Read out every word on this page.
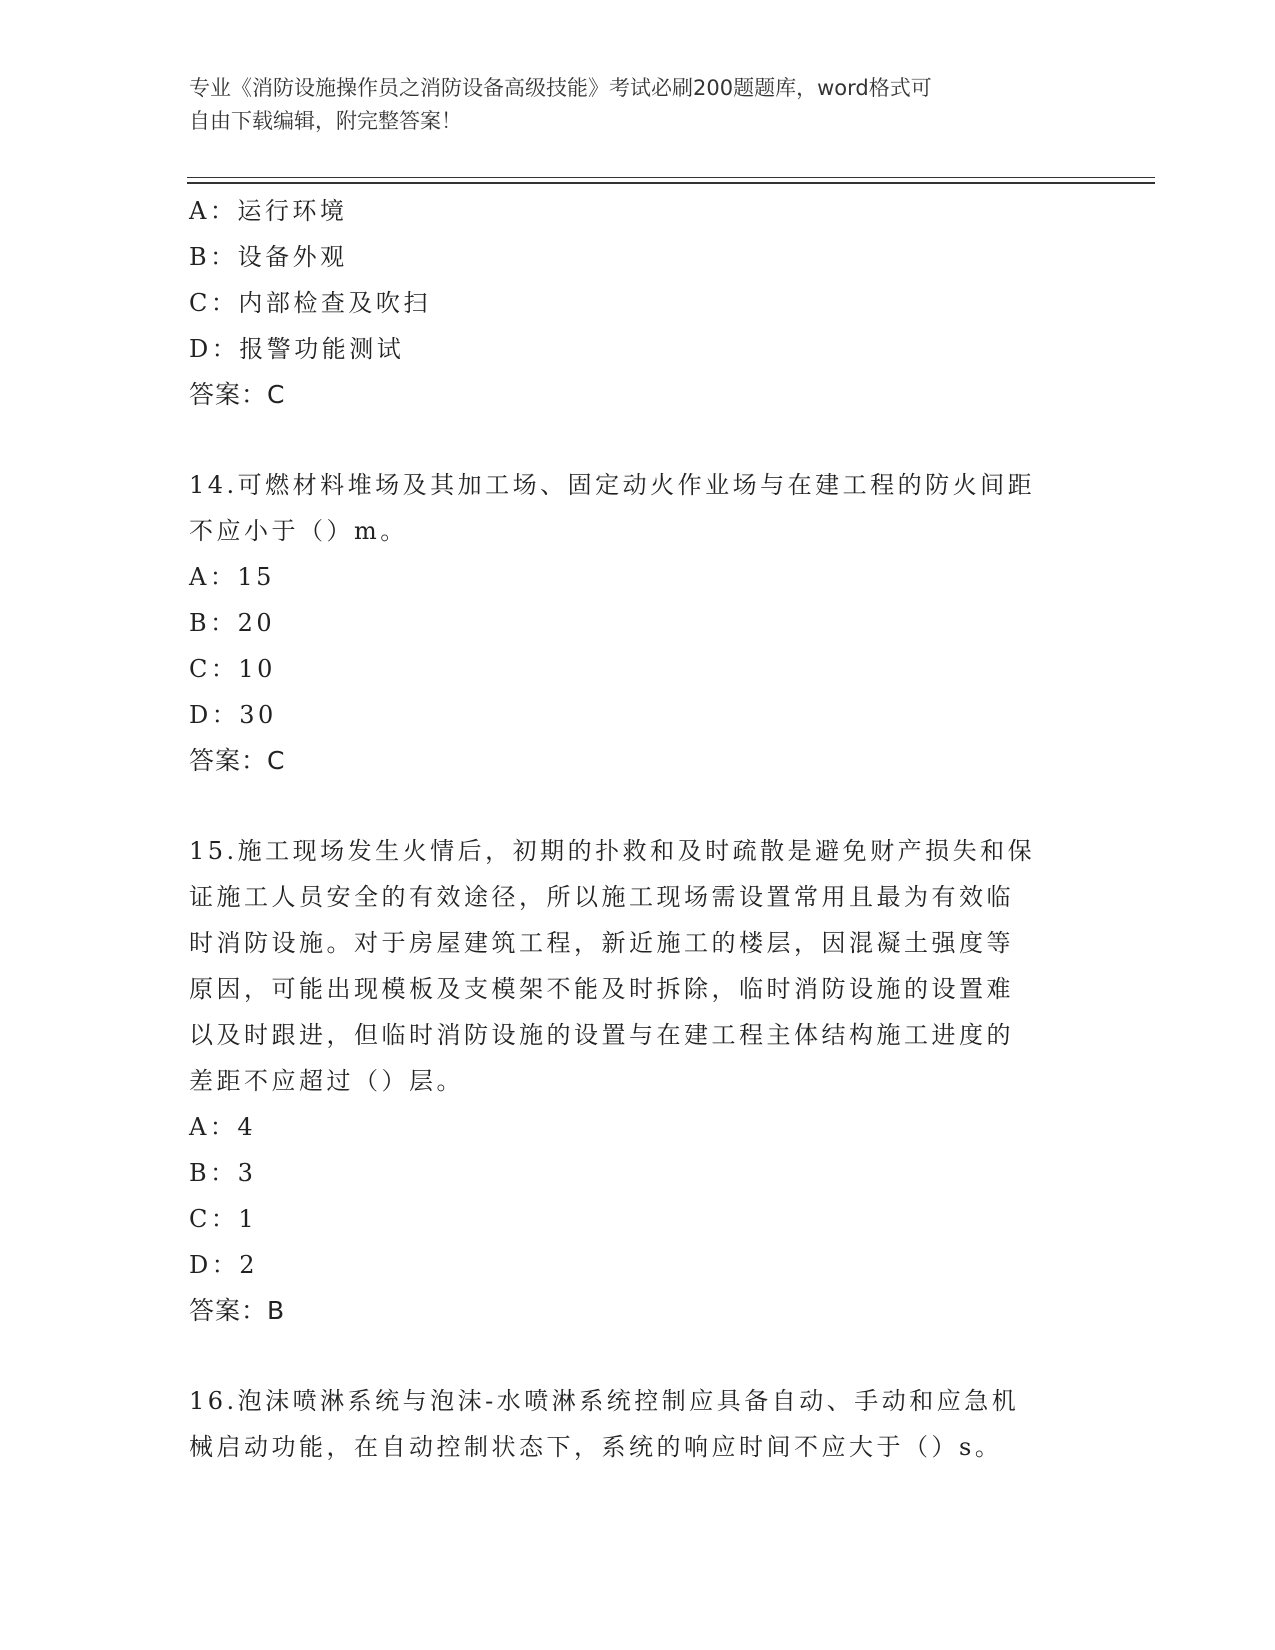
专业《消防设施操作员之消防设备高级技能》考试必刷200题题库，word格式可
自由下载编辑，附完整答案！
A：运行环境
B：设备外观
C：内部检查及吹扫
D：报警功能测试
答案：C
14.可燃材料堆场及其加工场、固定动火作业场与在建工程的防火间距
不应小于（）m。
A：15
B：20
C：10
D：30
答案：C
15.施工现场发生火情后，初期的扑救和及时疏散是避免财产损失和保
证施工人员安全的有效途径，所以施工现场需设置常用且最为有效临
时消防设施。对于房屋建筑工程，新近施工的楼层，因混凝土强度等
原因，可能出现模板及支模架不能及时拆除，临时消防设施的设置难
以及时跟进，但临时消防设施的设置与在建工程主体结构施工进度的
差距不应超过（）层。
A：4
B：3
C：1
D：2
答案：B
16.泡沫喷淋系统与泡沫-水喷淋系统控制应具备自动、手动和应急机
械启动功能，在自动控制状态下，系统的响应时间不应大于（）s。
